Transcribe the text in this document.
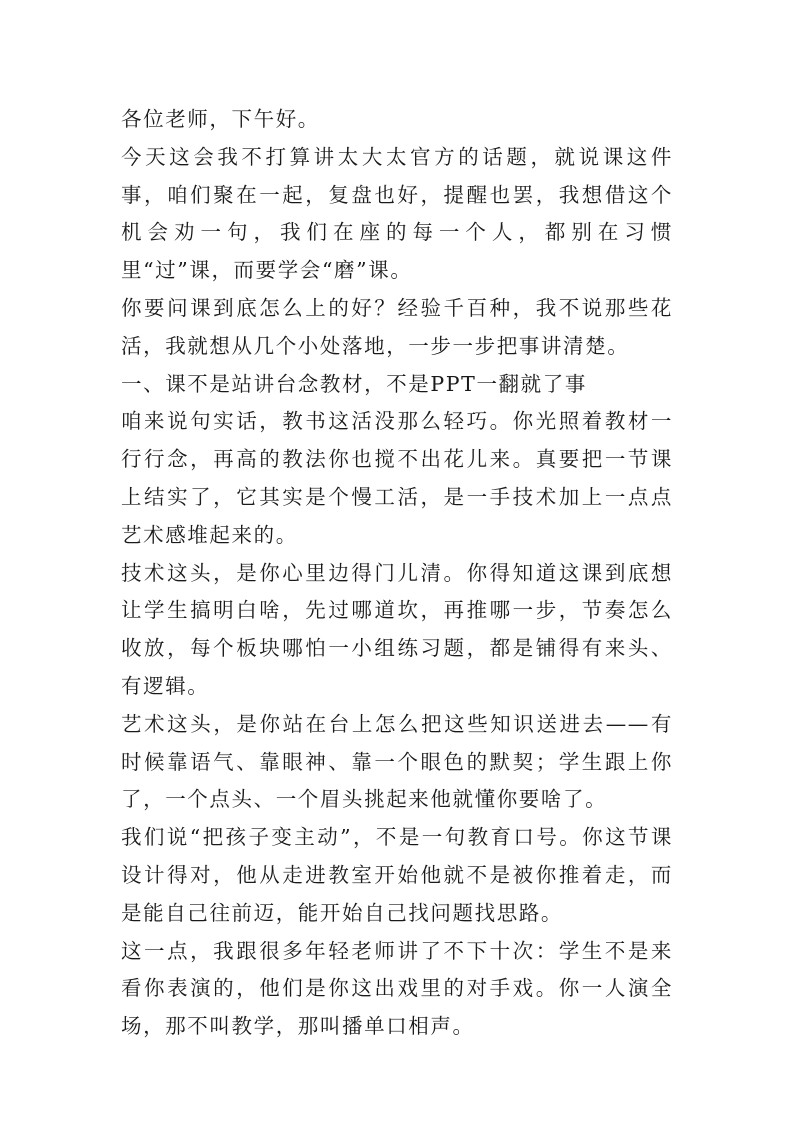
各位老师，下午好。

今天这会我不打算讲太大太官方的话题，就说课这件事，咱们聚在一起，复盘也好，提醒也罢，我想借这个机会劝一句，我们在座的每一个人，都别在习惯里“过”课，而要学会“磨”课。

你要问课到底怎么上的好？经验千百种，我不说那些花活，我就想从几个小处落地，一步一步把事讲清楚。

一、课不是站讲台念教材，不是PPT一翻就了事

咱来说句实话，教书这活没那么轻巧。你光照着教材一行行念，再高的教法你也搅不出花儿来。真要把一节课上结实了，它其实是个慢工活，是一手技术加上一点点艺术感堆起来的。

技术这头，是你心里边得门儿清。你得知道这课到底想让学生搞明白啥，先过哪道坎，再推哪一步，节奏怎么收放，每个板块哪怕一小组练习题，都是铺得有来头、有逻辑。

艺术这头，是你站在台上怎么把这些知识送进去——有时候靠语气、靠眼神、靠一个眼色的默契；学生跟上你了，一个点头、一个眉头挑起来他就懂你要啥了。

我们说“把孩子变主动”，不是一句教育口号。你这节课设计得对，他从走进教室开始他就不是被你推着走，而是能自己往前迈，能开始自己找问题找思路。

这一点，我跟很多年轻老师讲了不下十次：学生不是来看你表演的，他们是你这出戏里的对手戏。你一人演全场，那不叫教学，那叫播单口相声。
